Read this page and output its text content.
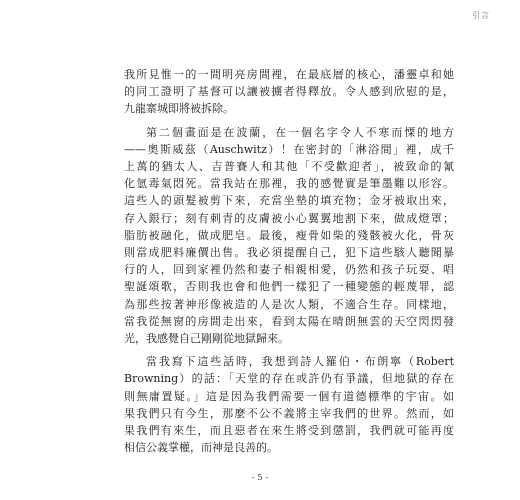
引言
我所見惟一的一間明亮房間裡，在最底層的核心，潘靈卓和她
的同工證明了基督可以讓被擄者得釋放。令人感到欣慰的是，
九龍寨城即將被拆除。
第二個畫面是在波蘭，在一個名字令人不寒而慄的地方
——奧斯威茲（Auschwitz）！在密封的「淋浴間」裡，成千
上萬的猶太人、吉普賽人和其他「不受歡迎者」，被致命的氰
化氫毒氣悶死。當我站在那裡，我的感覺實是筆墨難以形容。
這些人的頭髮被剪下來，充當坐墊的填充物；金牙被取出來，
存入銀行；刻有刺青的皮膚被小心翼翼地割下來，做成燈罩；
脂肪被融化，做成肥皂。最後，瘦骨如柴的殘骸被火化，骨灰
則當成肥料廉價出售。我必須提醒自己，犯下這些駭人聽聞暴
行的人，回到家裡仍然和妻子相親相愛，仍然和孩子玩耍、唱
聖誕頌歌，否則我也會和他們一樣犯了一種變態的輕蔑罪，認
為那些按著神形像被造的人是次人類，不適合生存。同樣地，
當我從無窗的房間走出來，看到太陽在晴朗無雲的天空閃閃發
光，我感覺自己剛剛從地獄歸來。
當我寫下這些話時，我想到詩人羅伯・布朗寧（Robert
Browning）的話：「天堂的存在或許仍有爭議，但地獄的存在
則無庸置疑。」這是因為我們需要一個有道德標準的宇宙。如
果我們只有今生，那麼不公不義將主宰我們的世界。然而，如
果我們有來生，而且惡者在來生將受到懲罰，我們就可能再度
相信公義掌權，而神是良善的。
- 5 -
